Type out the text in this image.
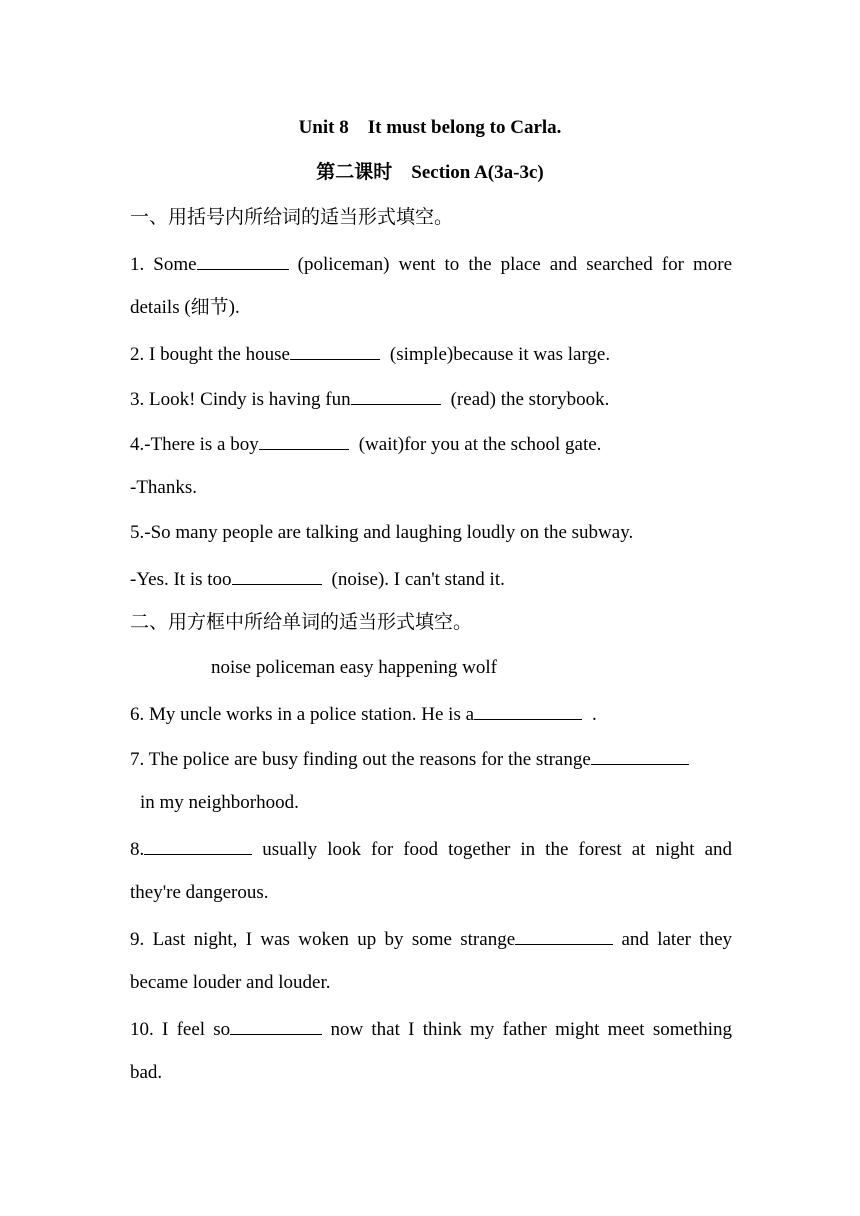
Unit 8　It must belong to Carla.
第二课时　Section A(3a-3c)
一、用括号内所给词的适当形式填空。
1. Some	(policeman) went to the place and searched for more
details (细节).
2. I bought the house	(simple)because it was large.
3. Look! Cindy is having fun	(read) the storybook.
4.-There is a boy	(wait)for you at the school gate.
-Thanks.
5.-So many people are talking and laughing loudly on the subway.
-Yes. It is too	(noise). I can't stand it.
二、用方框中所给单词的适当形式填空。
noise policeman easy happening wolf
6. My uncle works in a police station. He is a	.
7. The police are busy finding out the reasons for the strange
in my neighborhood.
8.	usually look for food together in the forest at night and
they're dangerous.
9. Last night, I was woken up by some strange	and later they
became louder and louder.
10. I feel so	now that I think my father might meet something
bad.
